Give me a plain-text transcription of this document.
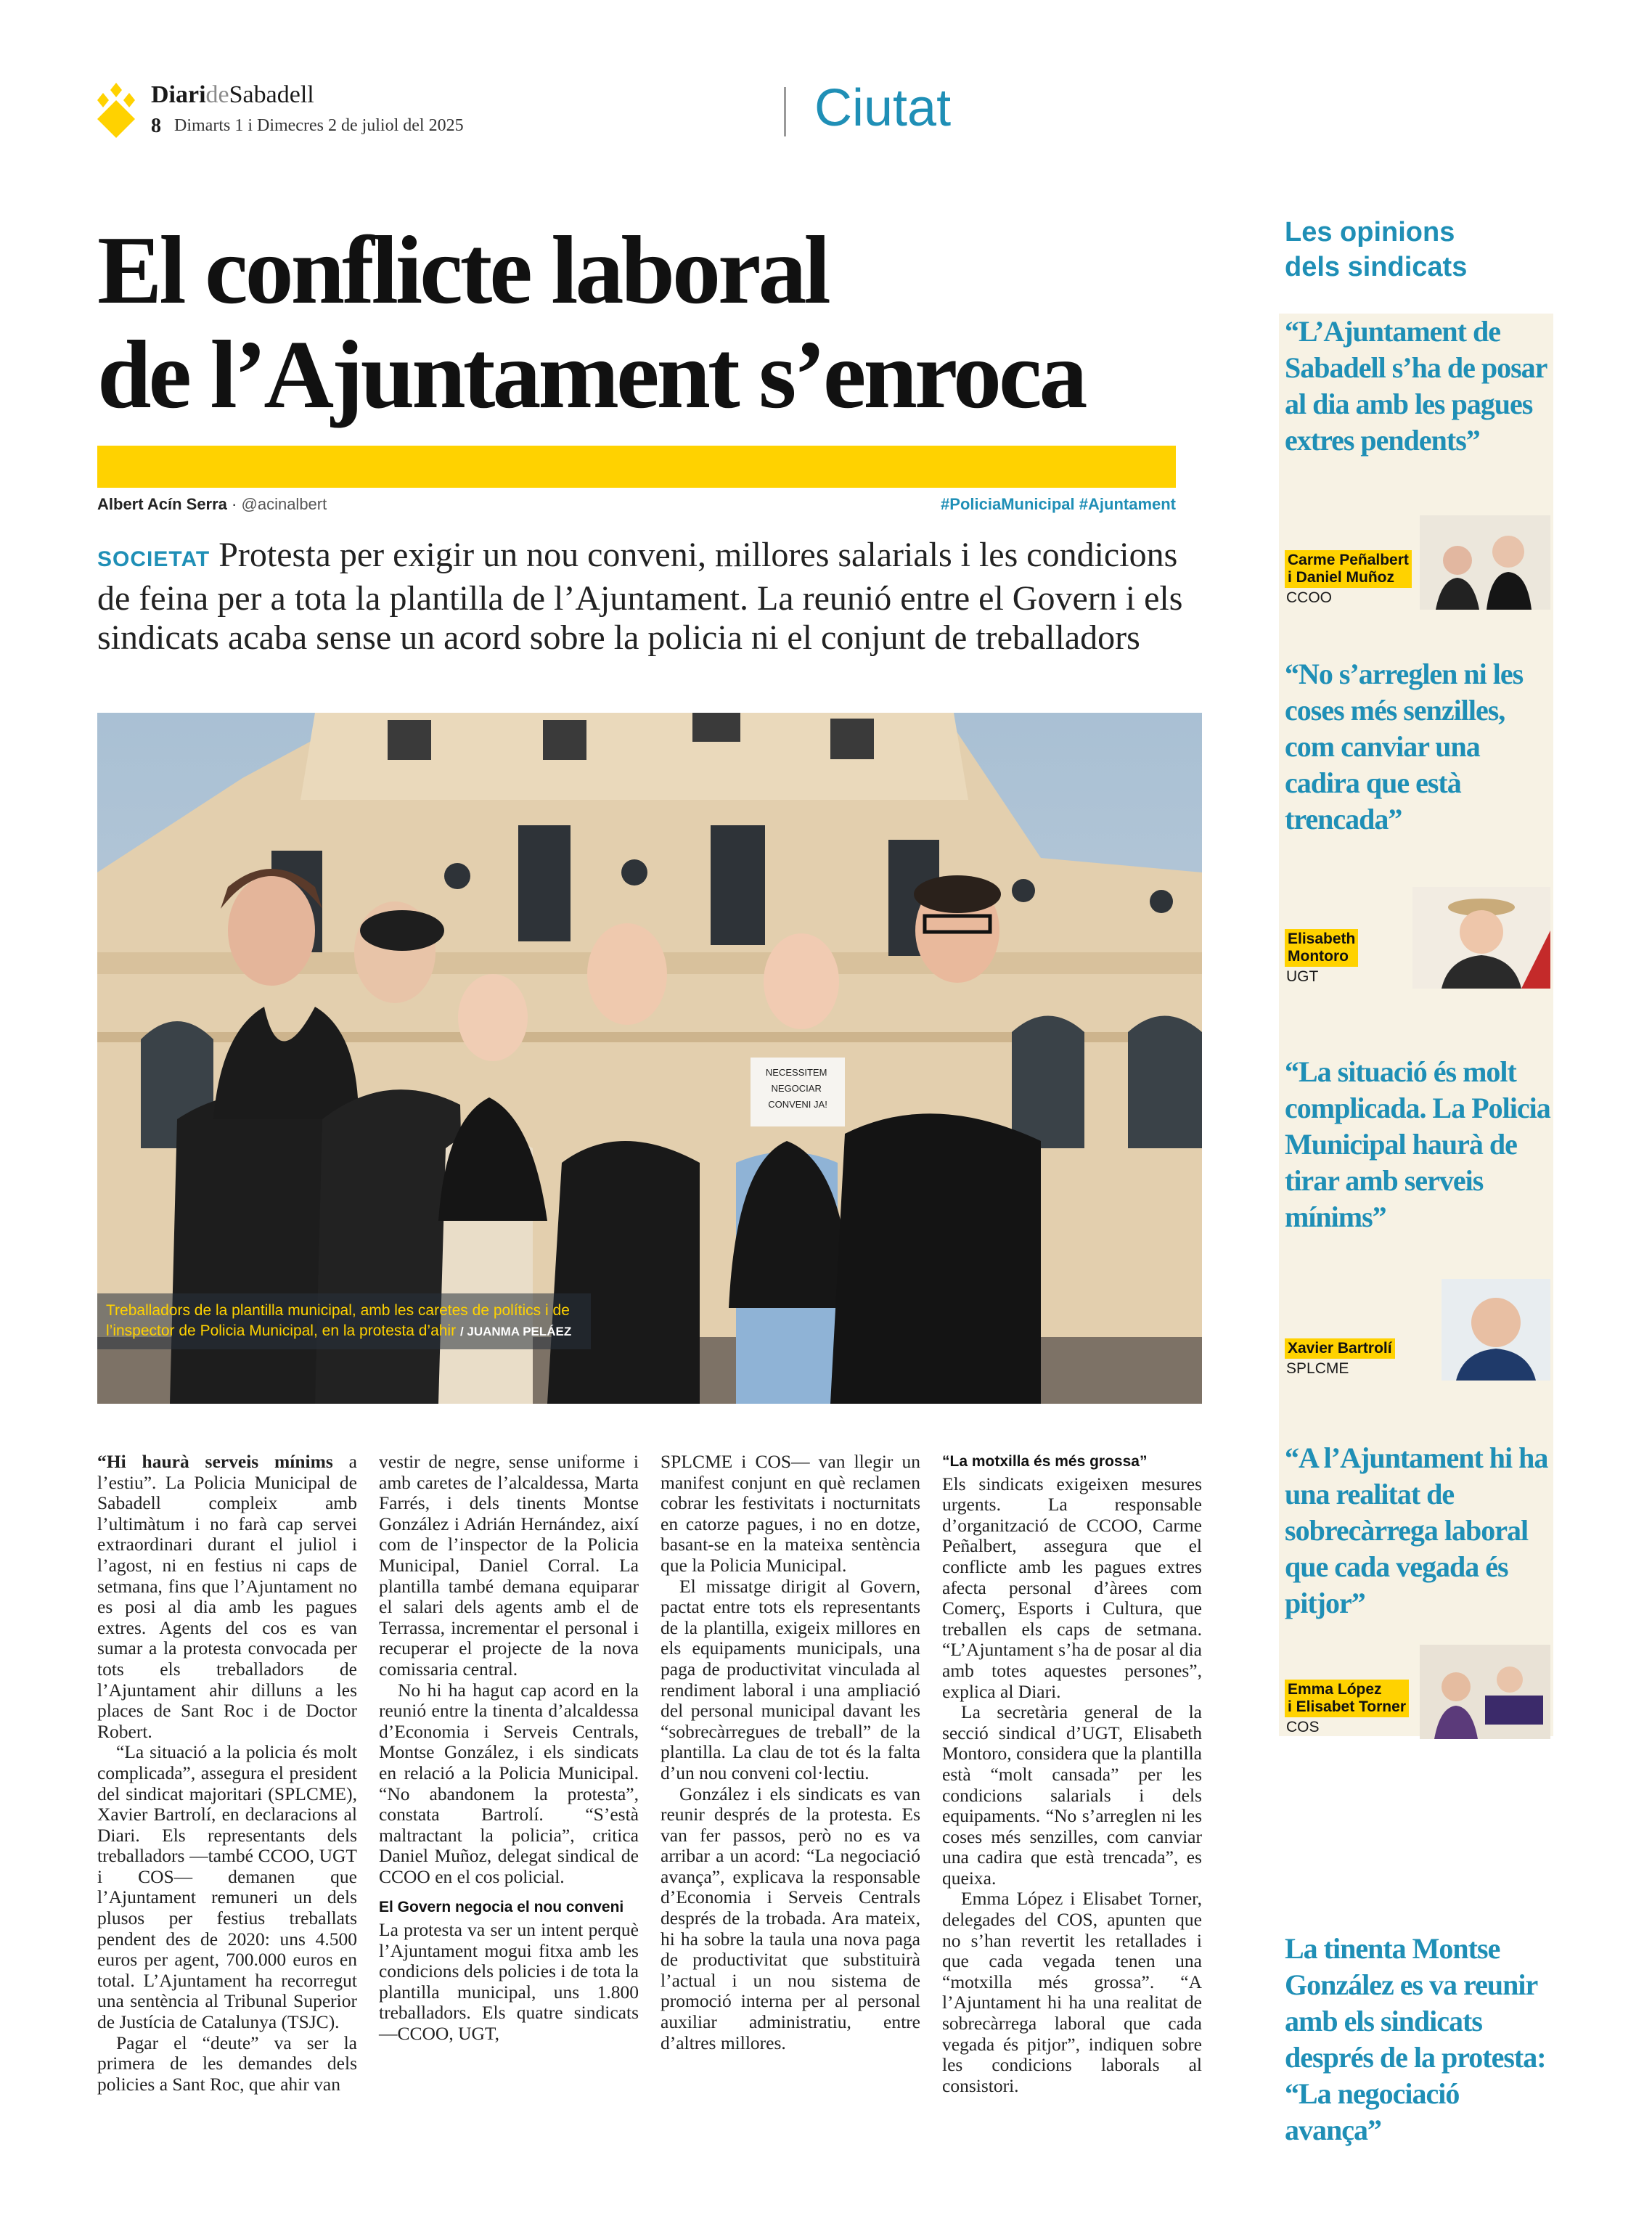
DiarideSabadell
8 Dimarts 1 i Dimecres 2 de juliol del 2025	Ciutat
El conflicte laboral
de l’Ajuntament s’enroca
Albert Acín Serra · @acinalbert	#PoliciaMunicipal #Ajuntament
SOCIETAT Protesta per exigir un nou conveni, millores salarials i les condicions de feina per a tota la plantilla de l’Ajuntament. La reunió entre el Govern i els sindicats acaba sense un acord sobre la policia ni el conjunt de treballadors
NECESSITEM NEGOCIAR CONVENI JA!
Treballadors de la plantilla municipal, amb les caretes de polítics i de l’inspector de Policia Municipal, en la protesta d’ahir / JUANMA PELÁEZ

“Hi haurà serveis mínims a l’estiu”. La Policia Municipal de Sabadell compleix amb l’ultimàtum i no farà cap servei extraordinari durant el juliol i l’agost, ni en festius ni caps de setmana, fins que l’Ajuntament no es posi al dia amb les pagues extres. Agents del cos es van sumar a la protesta convocada per tots els treballadors de l’Ajuntament ahir dilluns a les places de Sant Roc i de Doctor Robert.

“La situació a la policia és molt complicada”, assegura el president del sindicat majoritari (SPLCME), Xavier Bartrolí, en declaracions al Diari. Els representants dels treballadors —també CCOO, UGT i COS— demanen que l’Ajuntament remuneri un dels plusos per festius treballats pendent des de 2020: uns 4.500 euros per agent, 700.000 euros en total. L’Ajuntament ha recorregut una sentència al Tribunal Superior de Justícia de Catalunya (TSJC).

Pagar el “deute” va ser la primera de les demandes dels policies a Sant Roc, que ahir van

vestir de negre, sense uniforme i amb caretes de l’alcaldessa, Marta Farrés, i dels tinents Montse González i Adrián Hernández, així com de l’inspector de la Policia Municipal, Daniel Corral. La plantilla també demana equiparar el salari dels agents amb el de Terrassa, incrementar el personal i recuperar el projecte de la nova comissaria central.

No hi ha hagut cap acord en la reunió entre la tinenta d’alcaldessa d’Economia i Serveis Centrals, Montse González, i els sindicats en relació a la Policia Municipal. “No abandonem la protesta”, constata Bartrolí. “S’està maltractant la policia”, critica Daniel Muñoz, delegat sindical de CCOO en el cos policial.

El Govern negocia el nou conveni

La protesta va ser un intent perquè l’Ajuntament mogui fitxa amb les condicions dels policies i de tota la plantilla municipal, uns 1.800 treballadors. Els quatre sindicats —CCOO, UGT,

SPLCME i COS— van llegir un manifest conjunt en què reclamen cobrar les festivitats i nocturnitats en catorze pagues, i no en dotze, basant-se en la mateixa sentència que la Policia Municipal.

El missatge dirigit al Govern, pactat entre tots els representants de la plantilla, exigeix millores en els equipaments municipals, una paga de productivitat vinculada al rendiment laboral i una ampliació del personal municipal davant les “sobrecàrregues de treball” de la plantilla. La clau de tot és la falta d’un nou conveni col·lectiu.

González i els sindicats es van reunir després de la protesta. Es van fer passos, però no es va arribar a un acord: “La negociació avança”, explicava la responsable d’Economia i Serveis Centrals després de la trobada. Ara mateix, hi ha sobre la taula una nova paga de productivitat que substituirà l’actual i un nou sistema de promoció interna per al personal auxiliar administratiu, entre d’altres millores.

“La motxilla és més grossa”

Els sindicats exigeixen mesures urgents. La responsable d’organització de CCOO, Carme Peñalbert, assegura que el conflicte amb les pagues extres afecta personal d’àrees com Comerç, Esports i Cultura, que treballen els caps de setmana. “L’Ajuntament s’ha de posar al dia amb totes aquestes persones”, explica al Diari.

La secretària general de la secció sindical d’UGT, Elisabeth Montoro, considera que la plantilla està “molt cansada” per les condicions salarials i dels equipaments. “No s’arreglen ni les coses més senzilles, com canviar una cadira que està trencada”, es queixa.

Emma López i Elisabet Torner, delegades del COS, apunten que no s’han revertit les retallades i que cada vegada tenen una “motxilla més grossa”. “A l’Ajuntament hi ha una realitat de sobrecàrrega laboral que cada vegada és pitjor”, indiquen sobre les condicions laborals al consistori.

Les opinions
dels sindicats
“L’Ajuntament de Sabadell s’ha de posar al dia amb les pagues extres pendents”
Carme Peñalbert
i Daniel Muñoz
CCOO
“No s’arreglen ni les coses més senzilles, com canviar una cadira que està trencada”
Elisabeth
Montoro
UGT
“La situació és molt complicada. La Policia Municipal haurà de tirar amb serveis mínims”
Xavier Bartrolí
SPLCME
“A l’Ajuntament hi ha una realitat de sobrecàrrega laboral que cada vegada és pitjor”
Emma López
i Elisabet Torner
COS
La tinenta Montse González es va reunir amb els sindicats després de la protesta: “La negociació avança”
